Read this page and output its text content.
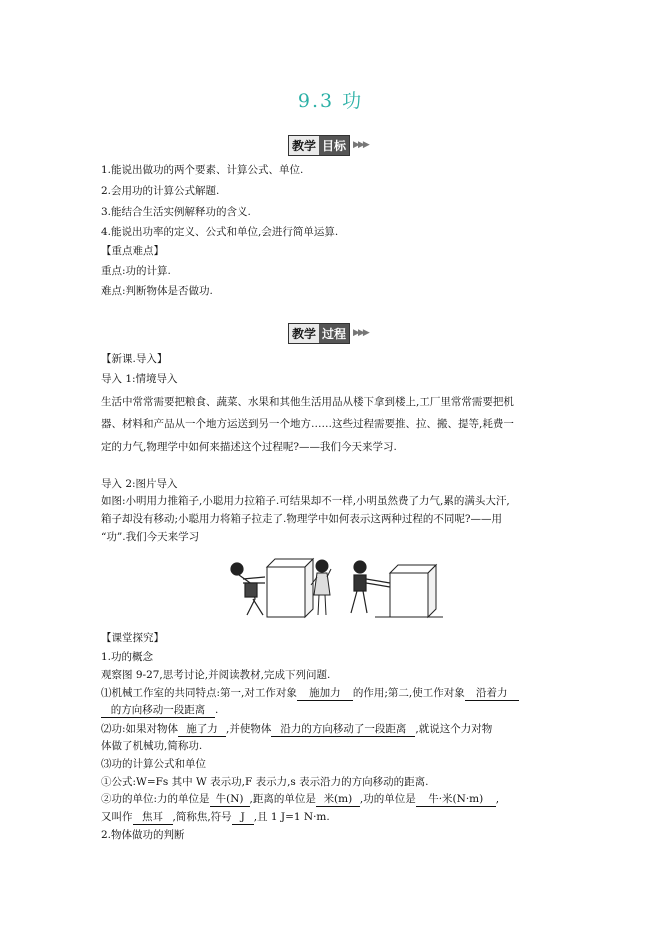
9.3 功
教学 目标 ▶▶▶
1.能说出做功的两个要素、计算公式、单位.
2.会用功的计算公式解题.
3.能结合生活实例解释功的含义.
4.能说出功率的定义、公式和单位,会进行简单运算.
【重点难点】
重点:功的计算.
难点:判断物体是否做功.
教学 过程 ▶▶▶
【新课.导入】
导入 1:情境导入
生活中常常需要把粮食、蔬菜、水果和其他生活用品从楼下拿到楼上,工厂里常常需要把机
器、材料和产品从一个地方运送到另一个地方……这些过程需要推、拉、搬、提等,耗费一
定的力气,物理学中如何来描述这个过程呢?——我们今天来学习.
导入 2:图片导入
如图:小明用力推箱子,小聪用力拉箱子.可结果却不一样,小明虽然费了力气,累的满头大汗,
箱子却没有移动;小聪用力将箱子拉走了.物理学中如何表示这两种过程的不同呢?——用
“功”.我们今天来学习
【课堂探究】
1.功的概念
观察图 9-27,思考讨论,并阅读教材,完成下列问题.
⑴机械工作室的共同特点:第一,对工作对象 施加力 的作用;第二,使工作对象 沿着力
的方向移动一段距离 .
⑵功:如果对物体 施了力 ,并使物体 沿力的方向移动了一段距离 ,就说这个力对物
体做了机械功,简称功.
⑶功的计算公式和单位
①公式:W=Fs 其中 W 表示功,F 表示力,s 表示沿力的方向移动的距离.
②功的单位:力的单位是 牛(N) ,距离的单位是 米(m) ,功的单位是 牛·米(N·m) ,
又叫作 焦耳 ,简称焦,符号 J ,且 1 J=1 N·m.
2.物体做功的判断
